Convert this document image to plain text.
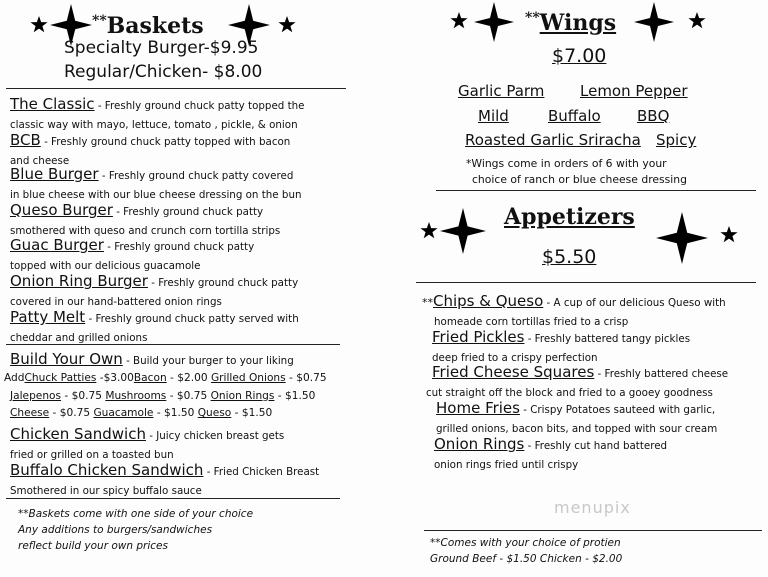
**Baskets
Specialty Burger-$9.95
Regular/Chicken- $8.00
The Classic - Freshly ground chuck patty topped the
classic way with mayo, lettuce, tomato , pickle, & onion
BCB - Freshly ground chuck patty topped with bacon
and cheese
Blue Burger - Freshly ground chuck patty covered
in blue cheese with our blue cheese dressing on the bun
Queso Burger - Freshly ground chuck patty
smothered with queso and crunch corn tortilla strips
Guac Burger - Freshly ground chuck patty
topped with our delicious guacamole
Onion Ring Burger - Freshly ground chuck patty
covered in our hand-battered onion rings
Patty Melt - Freshly ground chuck patty served with
cheddar and grilled onions
Build Your Own - Build your burger to your liking
AddChuck Patties -$3.00Bacon - $2.00 Grilled Onions - $0.75
Jalepenos - $0.75 Mushrooms - $0.75 Onion Rings - $1.50
Cheese - $0.75 Guacamole - $1.50 Queso - $1.50
Chicken Sandwich - Juicy chicken breast gets
fried or grilled on a toasted bun
Buffalo Chicken Sandwich - Fried Chicken Breast
Smothered in our spicy buffalo sauce
**Baskets come with one side of your choice
Any additions to burgers/sandwiches
reflect build your own prices
**Wings
$7.00
Garlic Parm Lemon Pepper
Mild	Buffalo BBQ
Roasted Garlic Sriracha Spicy
*Wings come in orders of 6 with your
choice of ranch or blue cheese dressing
Appetizers
$5.50
**Chips & Queso - A cup of our delicious Queso with
homeade corn tortillas fried to a crisp
Fried Pickles - Freshly battered tangy pickles
deep fried to a crispy perfection
Fried Cheese Squares - Freshly battered cheese
cut straight off the block and fried to a gooey goodness
Home Fries - Crispy Potatoes sauteed with garlic,
grilled onions, bacon bits, and topped with sour cream
Onion Rings - Freshly cut hand battered
onion rings fried until crispy
menupix
**Comes with your choice of protien
Ground Beef - $1.50 Chicken - $2.00
